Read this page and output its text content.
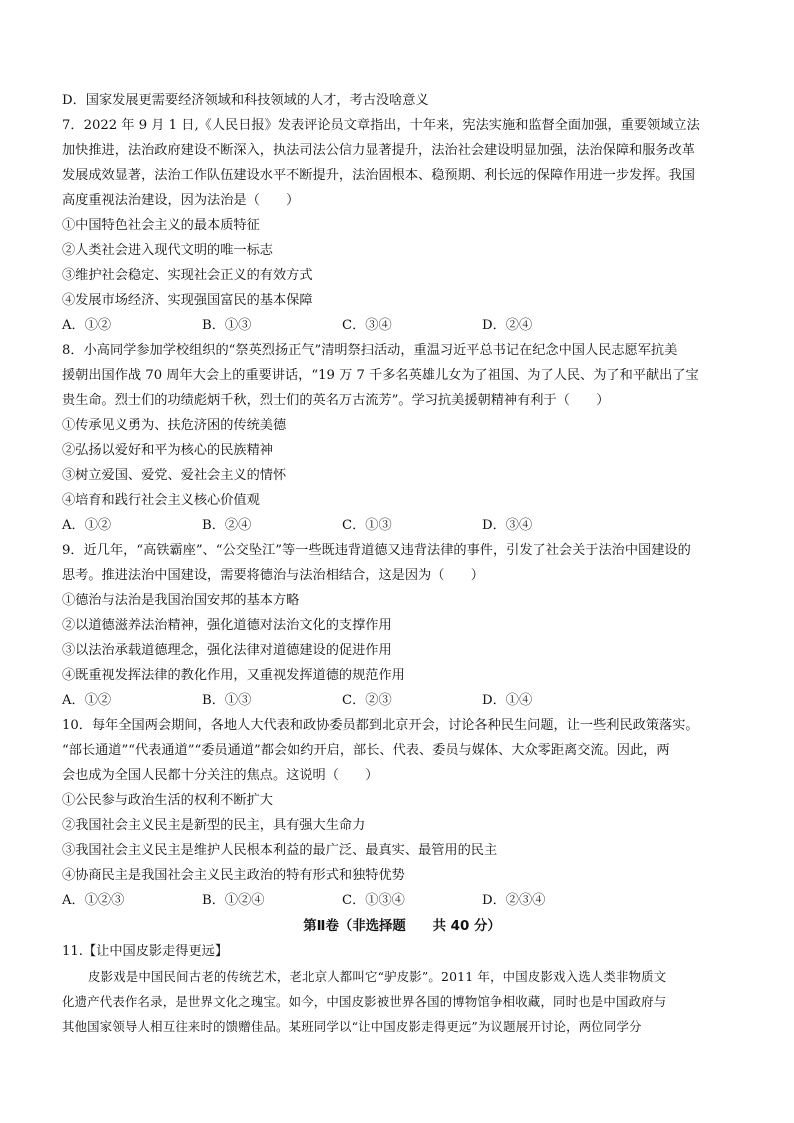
D．国家发展更需要经济领域和科技领域的人才，考古没啥意义
7．2022 年 9 月 1 日,《人民日报》发表评论员文章指出，十年来，宪法实施和监督全面加强，重要领域立法
加快推进，法治政府建设不断深入，执法司法公信力显著提升，法治社会建设明显加强，法治保障和服务改革
发展成效显著，法治工作队伍建设水平不断提升，法治固根本、稳预期、利长远的保障作用进一步发挥。我国
高度重视法治建设，因为法治是（　　）
①中国特色社会主义的最本质特征
②人类社会进入现代文明的唯一标志
③维护社会稳定、实现社会正义的有效方式
④发展市场经济、实现强国富民的基本保障
A．①②	B．①③	C．③④	D．②④
8．小高同学参加学校组织的“祭英烈扬正气”清明祭扫活动，重温习近平总书记在纪念中国人民志愿军抗美
援朝出国作战 70 周年大会上的重要讲话，“19 万 7 千多名英雄儿女为了祖国、为了人民、为了和平献出了宝
贵生命。烈士们的功绩彪炳千秋，烈士们的英名万古流芳”。学习抗美援朝精神有利于（　　）
①传承见义勇为、扶危济困的传统美德
②弘扬以爱好和平为核心的民族精神
③树立爱国、爱党、爱社会主义的情怀
④培育和践行社会主义核心价值观
A．①②	B．②④	C．①③	D．③④
9．近几年，“高铁霸座”、“公交坠江”等一些既违背道德又违背法律的事件，引发了社会关于法治中国建设的
思考。推进法治中国建设，需要将德治与法治相结合，这是因为（　　）
①德治与法治是我国治国安邦的基本方略
②以道德滋养法治精神，强化道德对法治文化的支撑作用
③以法治承载道德理念，强化法律对道德建设的促进作用
④既重视发挥法律的教化作用，又重视发挥道德的规范作用
A．①②	B．①③	C．②③	D．①④
10．每年全国两会期间，各地人大代表和政协委员都到北京开会，讨论各种民生问题，让一些利民政策落实。
“部长通道”“代表通道”“委员通道”都会如约开启，部长、代表、委员与媒体、大众零距离交流。因此，两
会也成为全国人民都十分关注的焦点。这说明（　　）
①公民参与政治生活的权利不断扩大
②我国社会主义民主是新型的民主，具有强大生命力
③我国社会主义民主是维护人民根本利益的最广泛、最真实、最管用的民主
④协商民主是我国社会主义民主政治的特有形式和独特优势
A．①②③	B．①②④	C．①③④	D．②③④
第Ⅱ卷（非选择题　　共 40 分）
11.【让中国皮影走得更远】
皮影戏是中国民间古老的传统艺术，老北京人都叫它“驴皮影”。2011 年，中国皮影戏入选人类非物质文
化遗产代表作名录，是世界文化之瑰宝。如今，中国皮影被世界各国的博物馆争相收藏，同时也是中国政府与
其他国家领导人相互往来时的馈赠佳品。某班同学以“让中国皮影走得更远”为议题展开讨论，两位同学分
